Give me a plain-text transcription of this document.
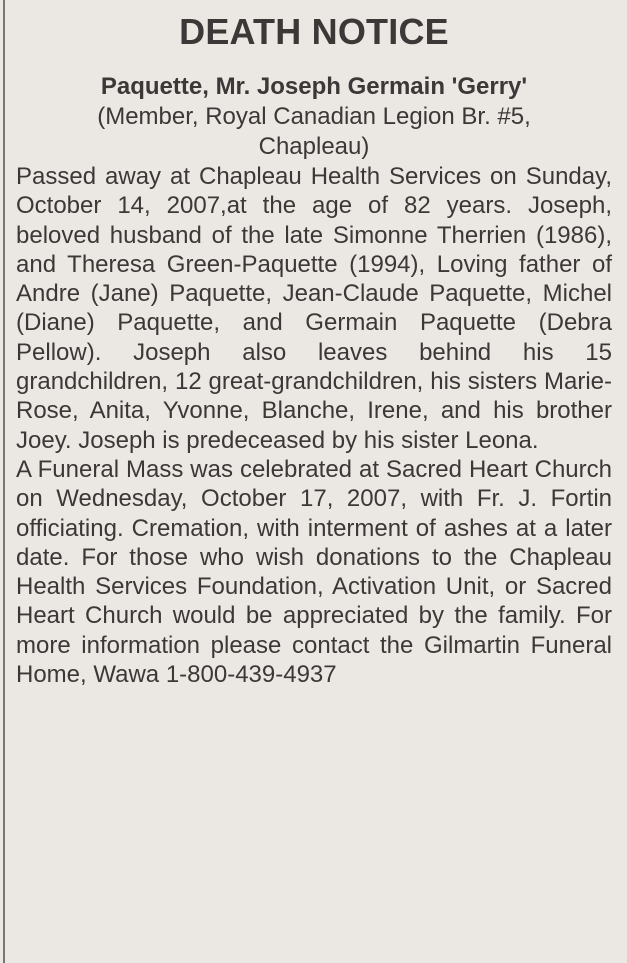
DEATH NOTICE
Paquette, Mr. Joseph Germain 'Gerry'
(Member, Royal Canadian Legion Br. #5,
Chapleau)

Passed away at Chapleau Health Services on Sunday, October 14, 2007,at the age of 82 years. Joseph, beloved husband of the late Simonne Therrien (1986), and Theresa Green-Paquette (1994), Loving father of Andre (Jane) Paquette, Jean-Claude Paquette, Michel (Diane) Paquette, and Germain Paquette (Debra Pellow). Joseph also leaves behind his 15 grandchildren, 12 great-grandchildren, his sisters Marie-Rose, Anita, Yvonne, Blanche, Irene, and his brother Joey. Joseph is predeceased by his sister Leona.

A Funeral Mass was celebrated at Sacred Heart Church on Wednesday, October 17, 2007, with Fr. J. Fortin officiating. Cremation, with interment of ashes at a later date. For those who wish donations to the Chapleau Health Services Foundation, Activation Unit, or Sacred Heart Church would be appreciated by the family. For more information please contact the Gilmartin Funeral Home, Wawa 1-800-439-4937
